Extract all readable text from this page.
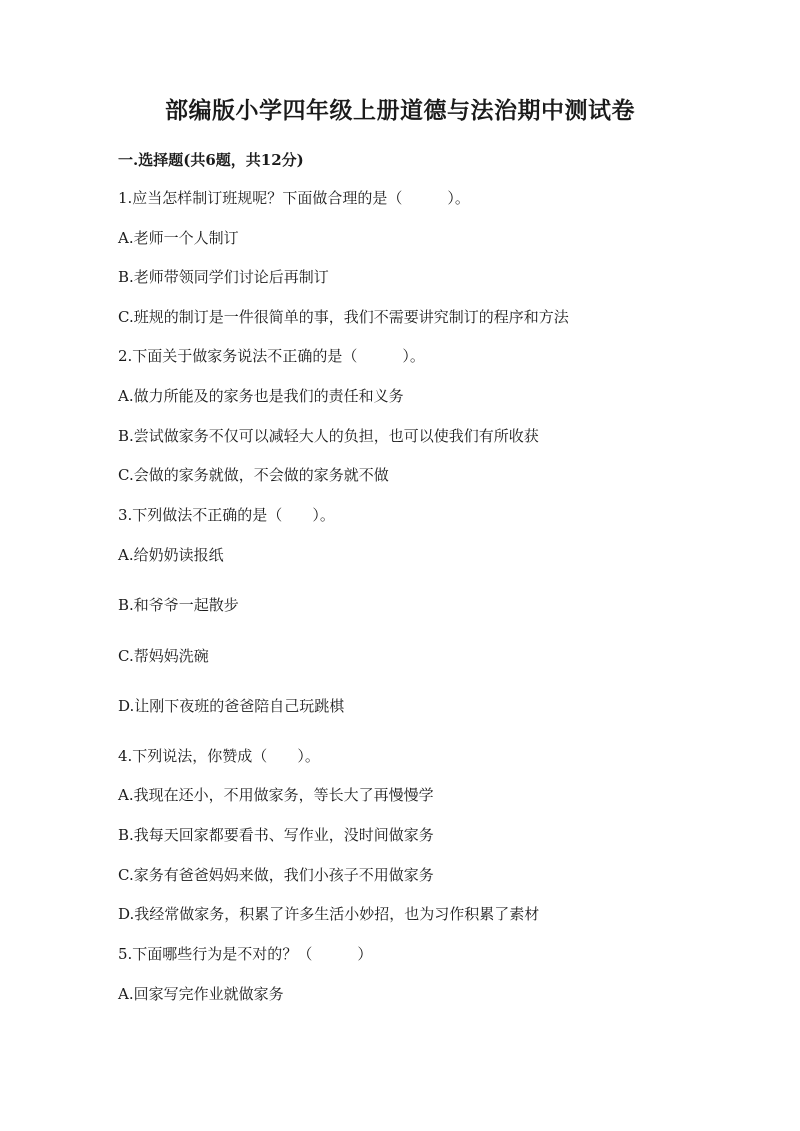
部编版小学四年级上册道德与法治期中测试卷
一.选择题(共6题，共12分)
1.应当怎样制订班规呢？下面做合理的是（　　　）。
A.老师一个人制订
B.老师带领同学们讨论后再制订
C.班规的制订是一件很简单的事，我们不需要讲究制订的程序和方法
2.下面关于做家务说法不正确的是（　　　）。
A.做力所能及的家务也是我们的责任和义务
B.尝试做家务不仅可以减轻大人的负担，也可以使我们有所收获
C.会做的家务就做，不会做的家务就不做
3.下列做法不正确的是（　　）。
A.给奶奶读报纸
B.和爷爷一起散步
C.帮妈妈洗碗
D.让刚下夜班的爸爸陪自己玩跳棋
4.下列说法，你赞成（　　）。
A.我现在还小，不用做家务，等长大了再慢慢学
B.我每天回家都要看书、写作业，没时间做家务
C.家务有爸爸妈妈来做，我们小孩子不用做家务
D.我经常做家务，积累了许多生活小妙招，也为习作积累了素材
5.下面哪些行为是不对的？（　　　）
A.回家写完作业就做家务
